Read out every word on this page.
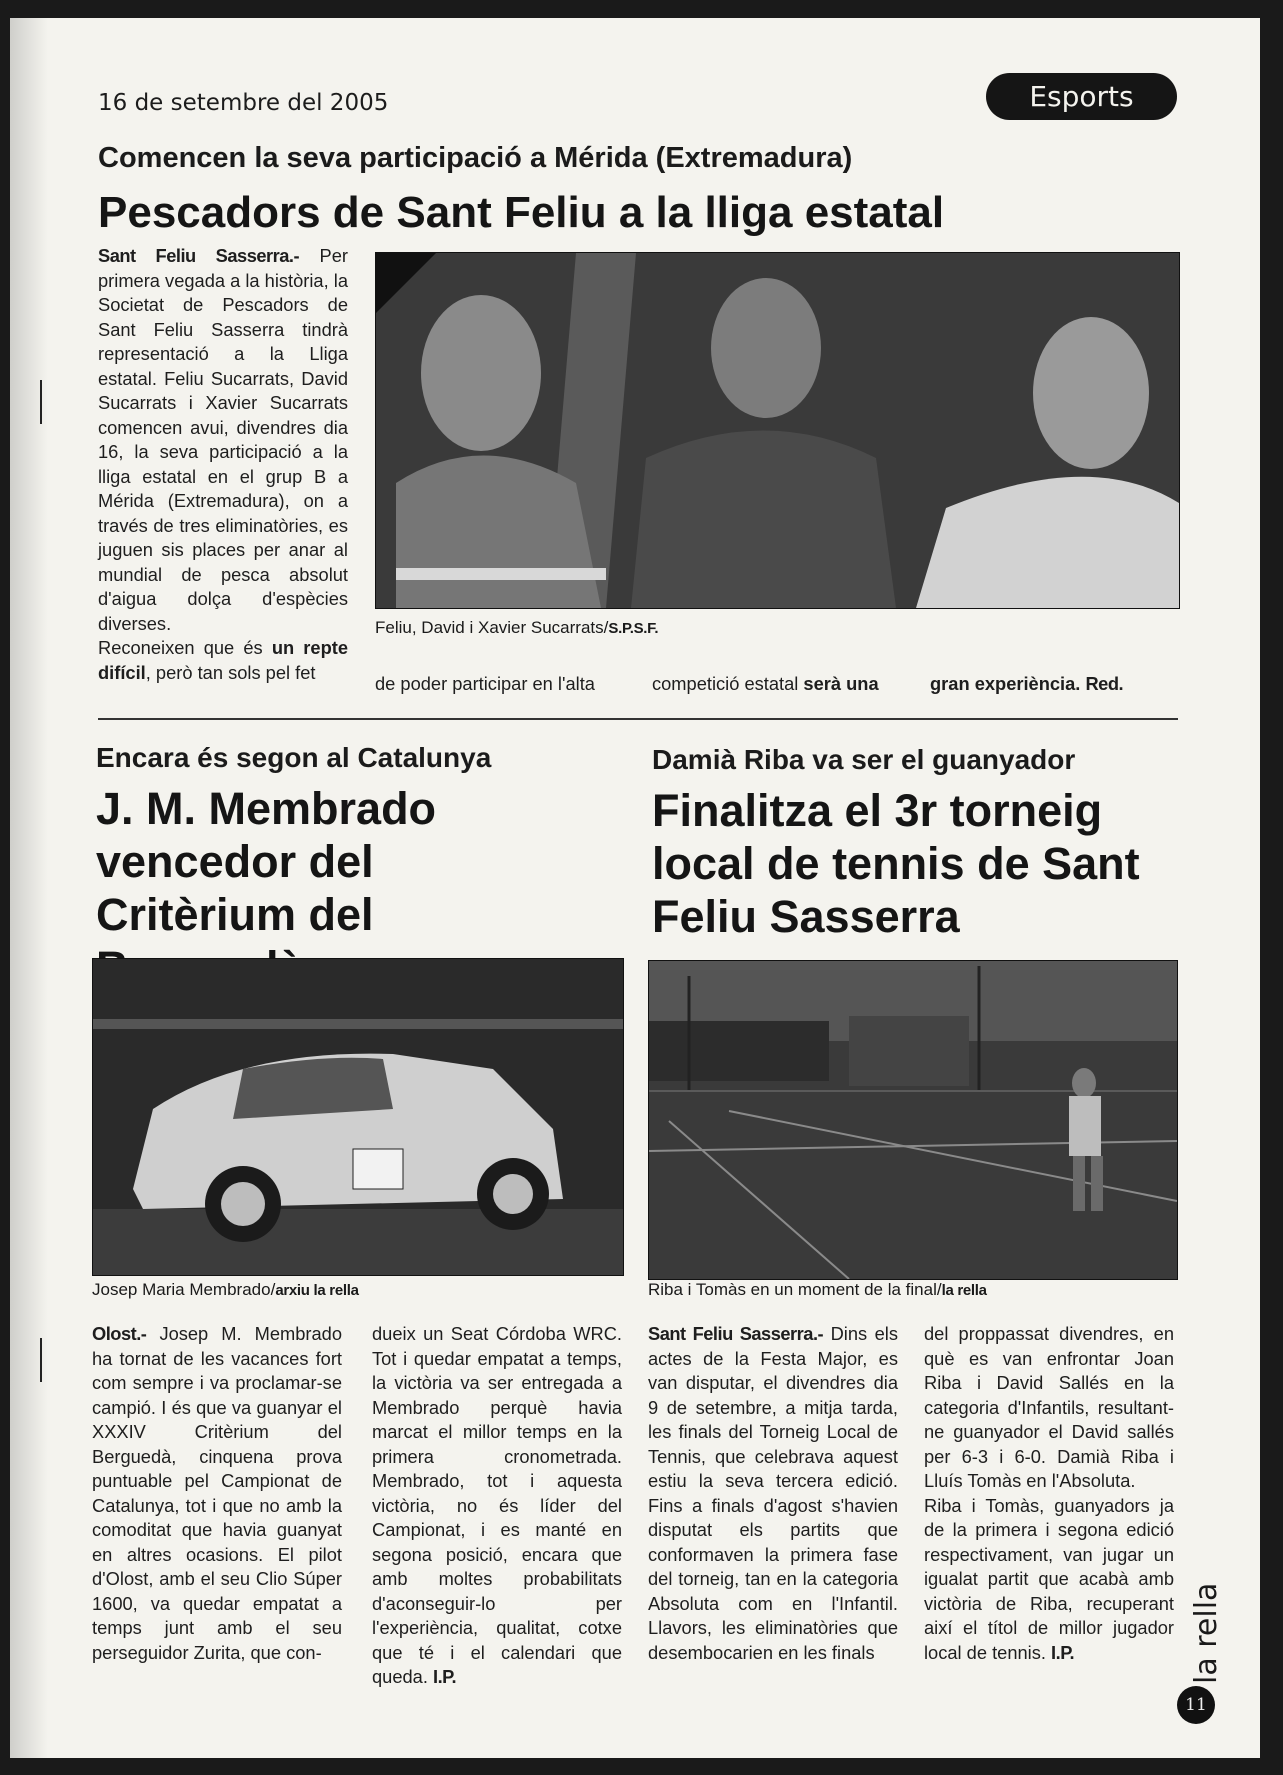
16 de setembre del 2005	Esports
Comencen la seva participació a Mérida (Extremadura)
Pescadors de Sant Feliu a la lliga estatal

Sant Feliu Sasserra.- Per primera vegada a la història, la Societat de Pescadors de Sant Feliu Sasserra tindrà representació a la Lliga estatal. Feliu Sucarrats, David Sucarrats i Xavier Sucarrats comencen avui, divendres dia 16, la seva participació a la lliga estatal en el grup B a Mérida (Extremadura), on a través de tres eliminatòries, es juguen sis places per anar al mundial de pesca absolut d'aigua dolça d'espècies diverses.

Reconeixen que és un repte difícil, però tan sols pel fet

Feliu, David i Xavier Sucarrats/S.P.S.F.

de poder participar en l'alta	competició estatal serà una	gran experiència. Red.

Encara és segon al Catalunya
J. M. Membrado vencedor del Critèrium del
Josep Maria Membrado/arxiu la rella

Olost.- Josep M. Membrado ha tornat de les vacances fort com sempre i va proclamar-se campió. I és que va guanyar el XXXIV Critèrium del Berguedà, cinquena prova puntuable pel Campionat de Catalunya, tot i que no amb la comoditat que havia guanyat en altres ocasions. El pilot d'Olost, amb el seu Clio Súper 1600, va quedar empatat a temps junt amb el seu perseguidor Zurita, que con-

dueix un Seat Córdoba WRC. Tot i quedar empatat a temps, la victòria va ser entregada a Membrado perquè havia marcat el millor temps en la primera cronometrada. Membrado, tot i aquesta victòria, no és líder del Campionat, i es manté en segona posició, encara que amb moltes probabilitats d'aconseguir-lo per l'experiència, qualitat, cotxe que té i el calendari que queda. I.P.

Damià Riba va ser el guanyador
Finalitza el 3r torneig local de tennis de Sant Feliu Sasserra
Riba i Tomàs en un moment de la final/la rella

Sant Feliu Sasserra.- Dins els actes de la Festa Major, es van disputar, el divendres dia 9 de setembre, a mitja tarda, les finals del Torneig Local de Tennis, que celebrava aquest estiu la seva tercera edició. Fins a finals d'agost s'havien disputat els partits que conformaven la primera fase del torneig, tan en la categoria Absoluta com en l'Infantil. Llavors, les eliminatòries que desembocarien en les finals

del proppassat divendres, en què es van enfrontar Joan Riba i David Sallés en la categoria d'Infantils, resultant-ne guanyador el David sallés per 6-3 i 6-0. Damià Riba i Lluís Tomàs en l'Absoluta.

Riba i Tomàs, guanyadors ja de la primera i segona edició respectivament, van jugar un igualat partit que acabà amb victòria de Riba, recuperant així el títol de millor jugador local de tennis. I.P.	la rella
11
